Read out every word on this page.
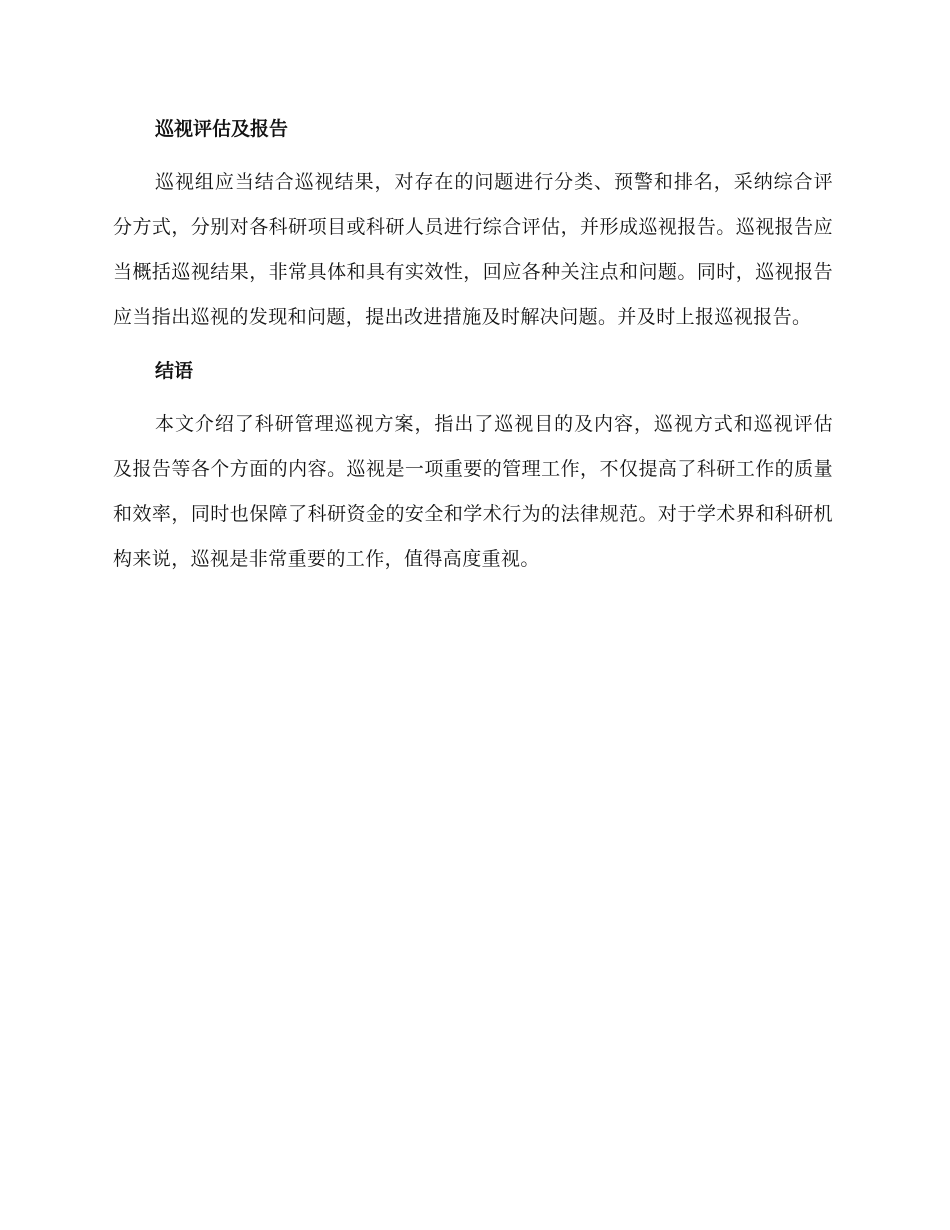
巡视评估及报告

巡视组应当结合巡视结果，对存在的问题进行分类、预警和排名，采纳综合评分方式，分别对各科研项目或科研人员进行综合评估，并形成巡视报告。巡视报告应当概括巡视结果，非常具体和具有实效性，回应各种关注点和问题。同时，巡视报告应当指出巡视的发现和问题，提出改进措施及时解决问题。并及时上报巡视报告。

结语

本文介绍了科研管理巡视方案，指出了巡视目的及内容，巡视方式和巡视评估及报告等各个方面的内容。巡视是一项重要的管理工作，不仅提高了科研工作的质量和效率，同时也保障了科研资金的安全和学术行为的法律规范。对于学术界和科研机构来说，巡视是非常重要的工作，值得高度重视。
